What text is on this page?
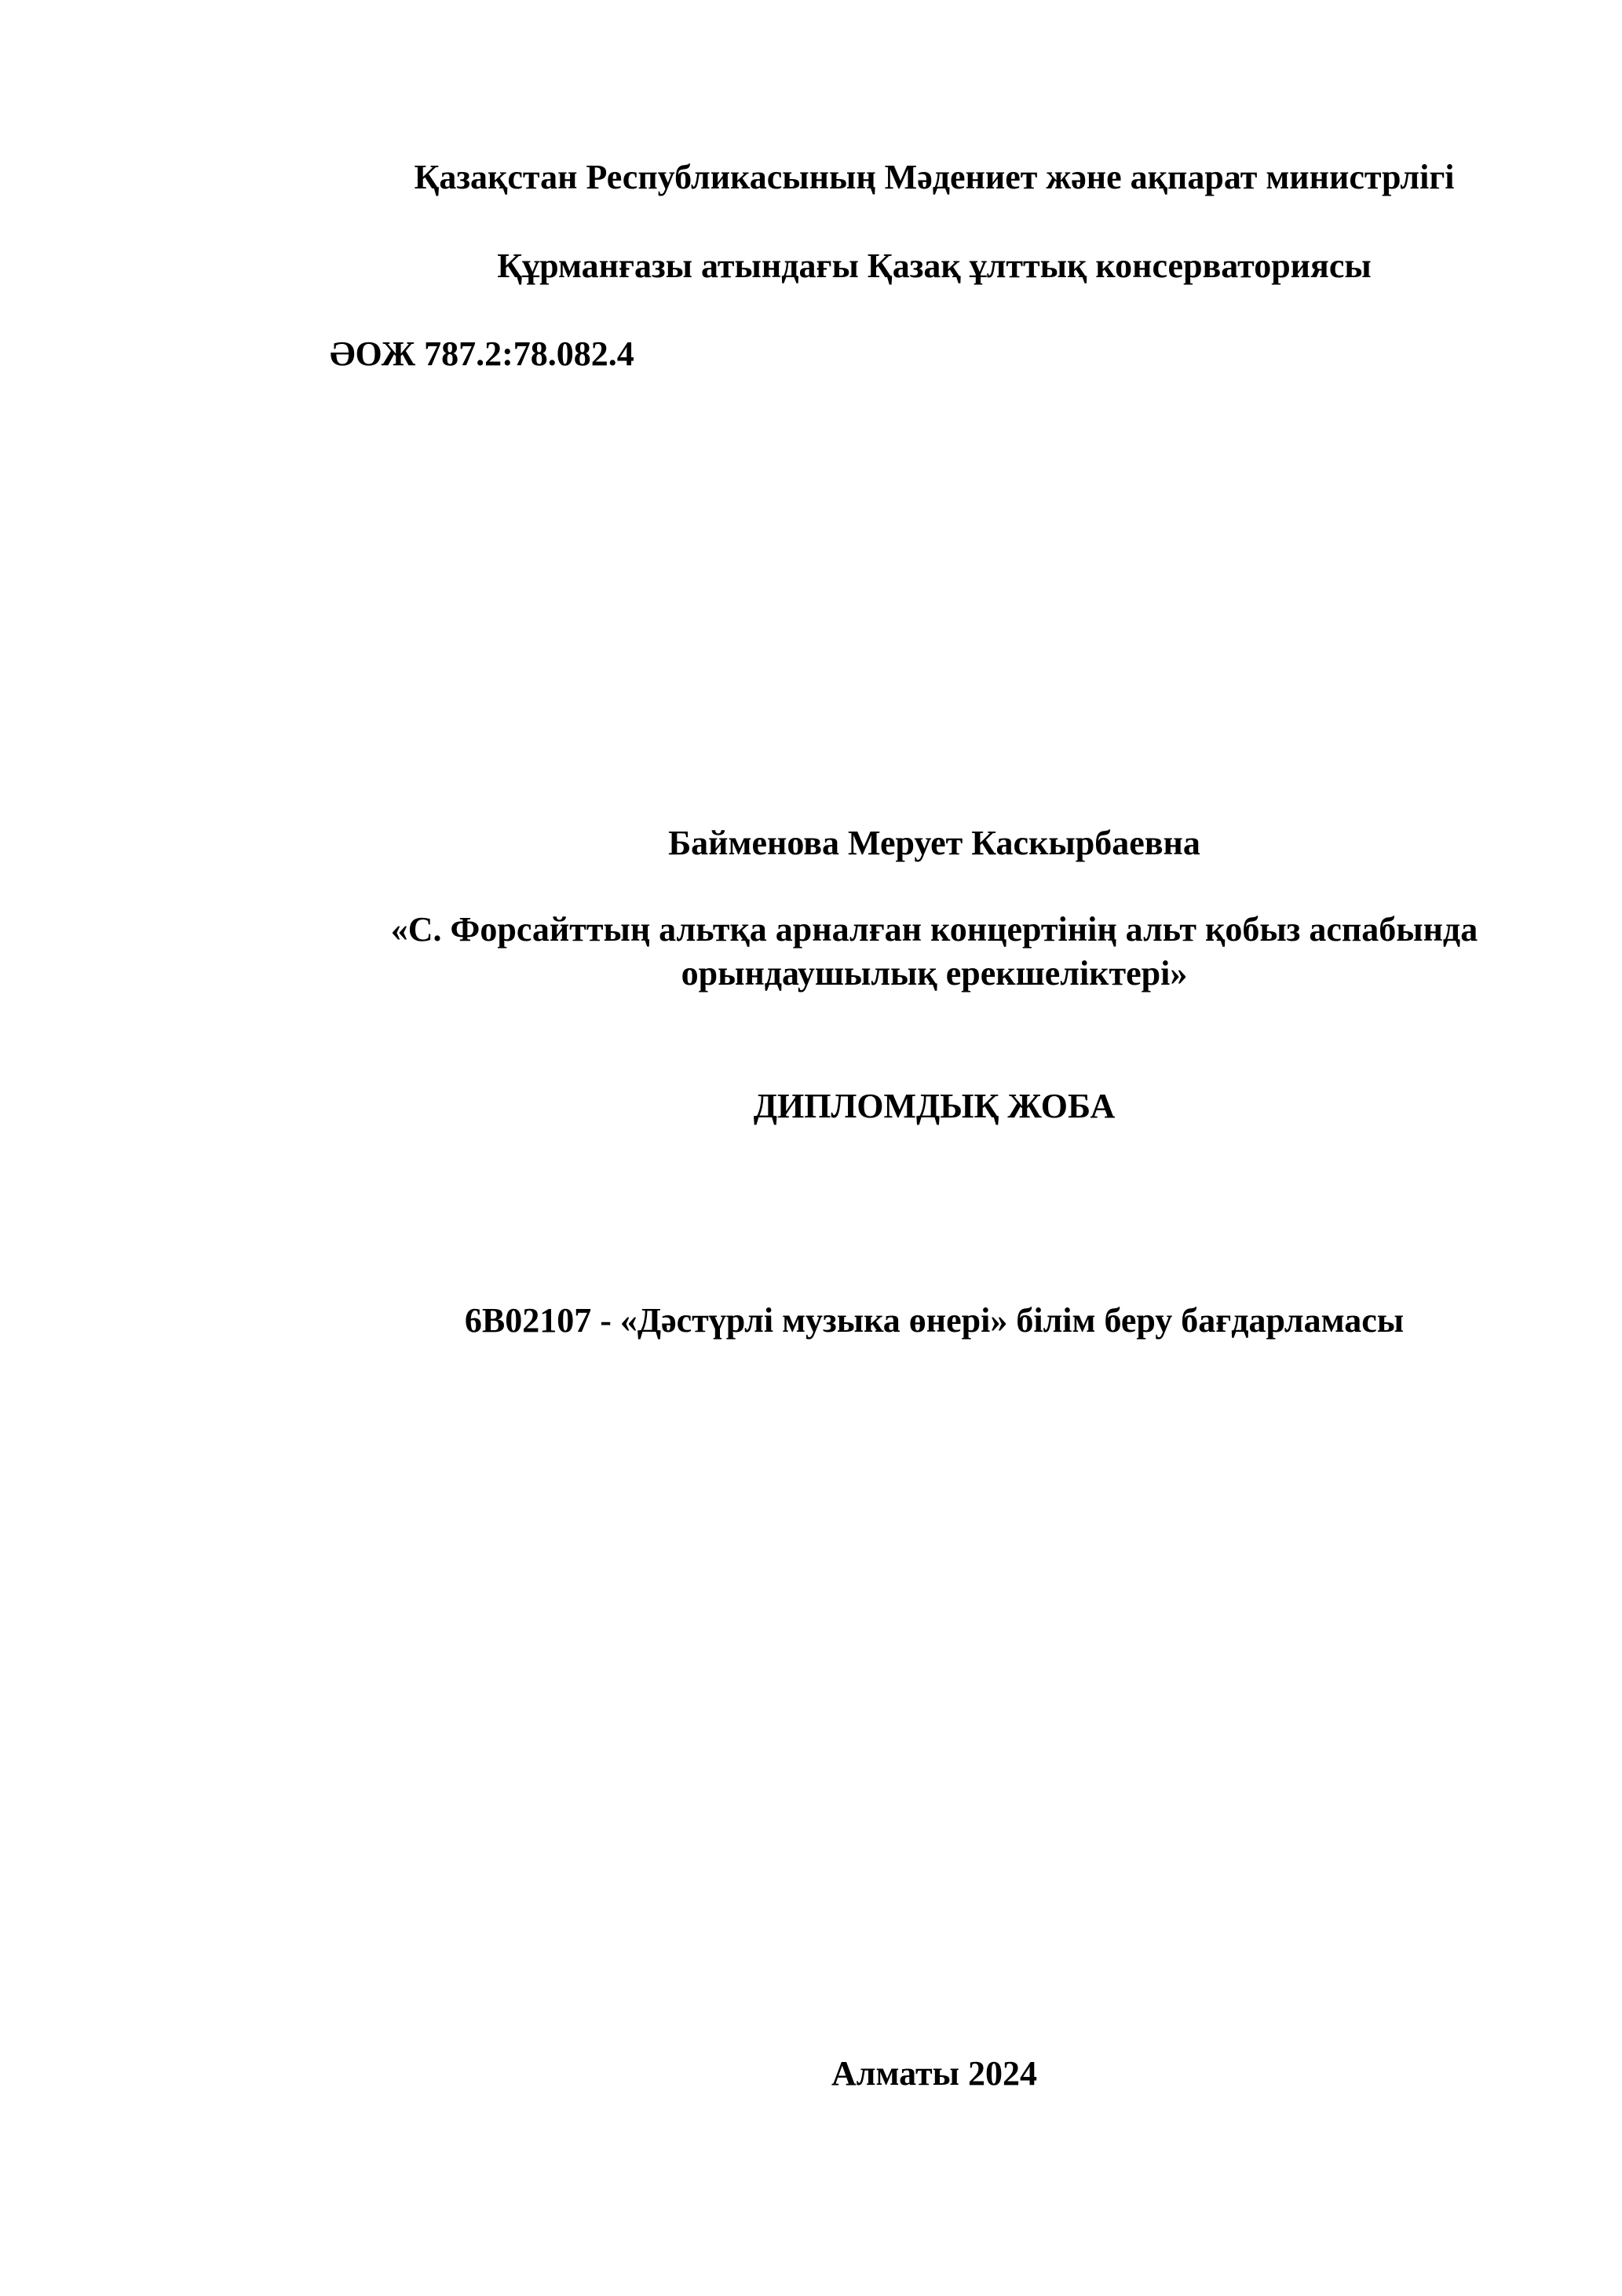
Қазақстан Республикасының Мәдениет және ақпарат министрлігі
Құрманғазы атындағы Қазақ ұлттық консерваториясы
ӘОЖ 787.2:78.082.4
Байменова Мерует Каскырбаевна
«С. Форсайттың альтқа арналған концертінің альт қобыз аспабында
орындаушылық ерекшеліктері»
ДИПЛОМДЫҚ ЖОБА
6В02107 - «Дәстүрлі музыка өнері» білім беру бағдарламасы
Алматы 2024
